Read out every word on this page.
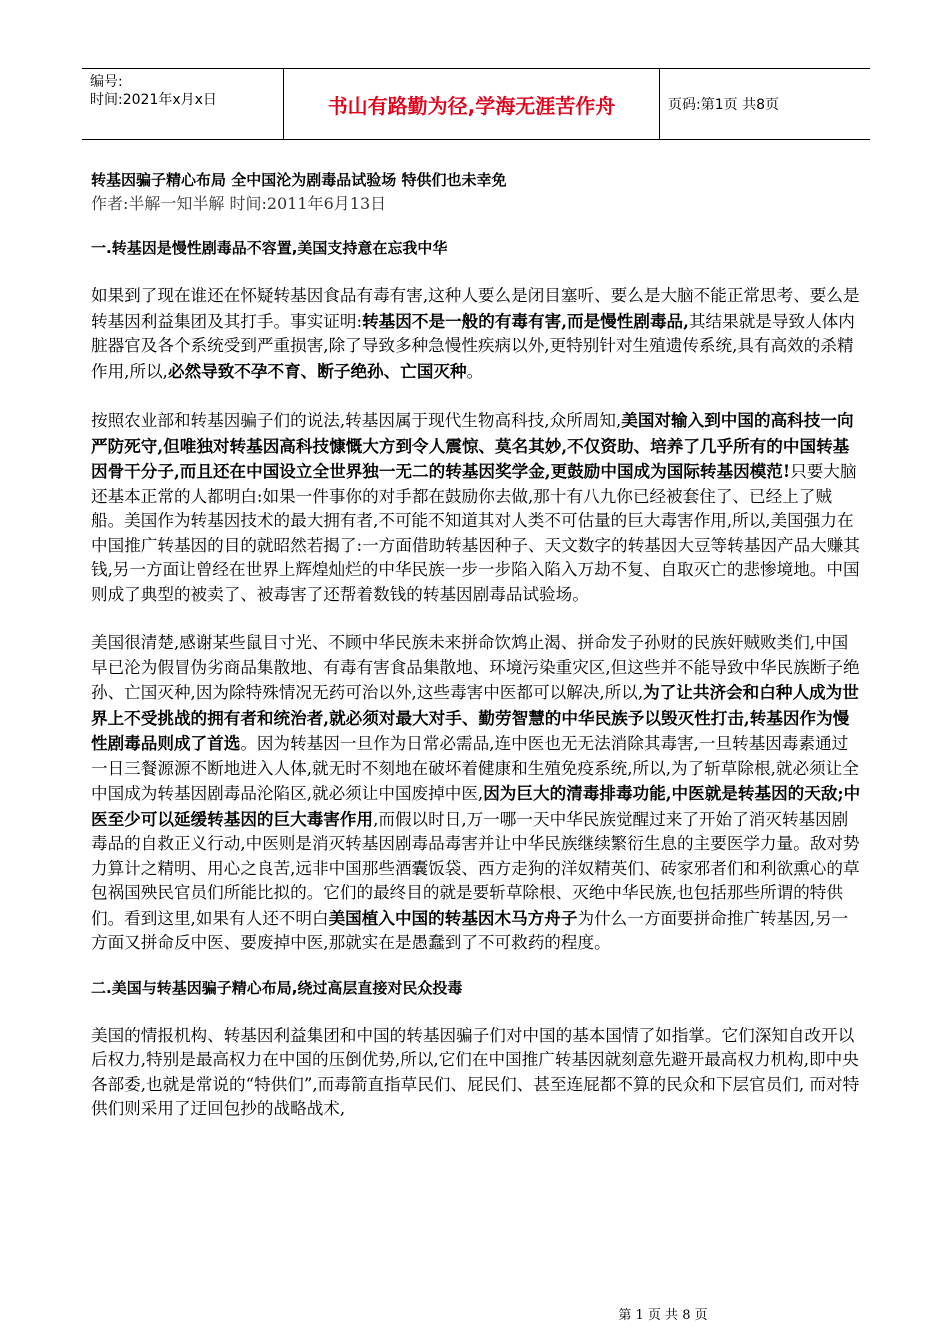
编号:
时间:2021年x月x日	书山有路勤为径,学海无涯苦作舟	页码:第1页 共8页

转基因骗子精心布局 全中国沦为剧毒品试验场 特供们也未幸免

作者:半解一知半解 时间:2011年6月13日

一.转基因是慢性剧毒品不容置,美国支持意在忘我中华

如果到了现在谁还在怀疑转基因食品有毒有害,这种人要么是闭目塞听、要么是大脑不能正常思考、要么是转基因利益集团及其打手。事实证明:转基因不是一般的有毒有害,而是慢性剧毒品,其结果就是导致人体内脏器官及各个系统受到严重损害,除了导致多种急慢性疾病以外,更特别针对生殖遗传系统,具有高效的杀精作用,所以,必然导致不孕不育、断子绝孙、亡国灭种。

按照农业部和转基因骗子们的说法,转基因属于现代生物高科技,众所周知,美国对输入到中国的高科技一向严防死守,但唯独对转基因高科技慷慨大方到令人震惊、莫名其妙,不仅资助、培养了几乎所有的中国转基因骨干分子,而且还在中国设立全世界独一无二的转基因奖学金,更鼓励中国成为国际转基因模范!只要大脑还基本正常的人都明白:如果一件事你的对手都在鼓励你去做,那十有八九你已经被套住了、已经上了贼船。美国作为转基因技术的最大拥有者,不可能不知道其对人类不可估量的巨大毒害作用,所以,美国强力在中国推广转基因的目的就昭然若揭了:一方面借助转基因种子、天文数字的转基因大豆等转基因产品大赚其钱,另一方面让曾经在世界上辉煌灿烂的中华民族一步一步陷入陷入万劫不复、自取灭亡的悲惨境地。中国则成了典型的被卖了、被毒害了还帮着数钱的转基因剧毒品试验场。

美国很清楚,感谢某些鼠目寸光、不顾中华民族未来拼命饮鸩止渴、拼命发子孙财的民族奸贼败类们,中国早已沦为假冒伪劣商品集散地、有毒有害食品集散地、环境污染重灾区,但这些并不能导致中华民族断子绝孙、亡国灭种,因为除特殊情况无药可治以外,这些毒害中医都可以解决,所以,为了让共济会和白种人成为世界上不受挑战的拥有者和统治者,就必须对最大对手、勤劳智慧的中华民族予以毁灭性打击,转基因作为慢性剧毒品则成了首选。因为转基因一旦作为日常必需品,连中医也无无法消除其毒害,一旦转基因毒素通过一日三餐源源不断地进入人体,就无时不刻地在破坏着健康和生殖免疫系统,所以,为了斩草除根,就必须让全中国成为转基因剧毒品沦陷区,就必须让中国废掉中医,因为巨大的清毒排毒功能,中医就是转基因的天敌;中医至少可以延缓转基因的巨大毒害作用,而假以时日,万一哪一天中华民族觉醒过来了开始了消灭转基因剧毒品的自救正义行动,中医则是消灭转基因剧毒品毒害并让中华民族继续繁衍生息的主要医学力量。敌对势力算计之精明、用心之良苦,远非中国那些酒囊饭袋、西方走狗的洋奴精英们、砖家邪者们和利欲熏心的草包祸国殃民官员们所能比拟的。它们的最终目的就是要斩草除根、灭绝中华民族,也包括那些所谓的特供们。看到这里,如果有人还不明白美国植入中国的转基因木马方舟子为什么一方面要拼命推广转基因,另一方面又拼命反中医、要废掉中医,那就实在是愚蠢到了不可救药的程度。

二.美国与转基因骗子精心布局,绕过高层直接对民众投毒

美国的情报机构、转基因利益集团和中国的转基因骗子们对中国的基本国情了如指掌。它们深知自改开以后权力,特别是最高权力在中国的压倒优势,所以,它们在中国推广转基因就刻意先避开最高权力机构,即中央各部委,也就是常说的“特供们”,而毒箭直指草民们、屁民们、甚至连屁都不算的民众和下层官员们, 而对特供们则采用了迂回包抄的战略战术,

第 1 页 共 8 页
